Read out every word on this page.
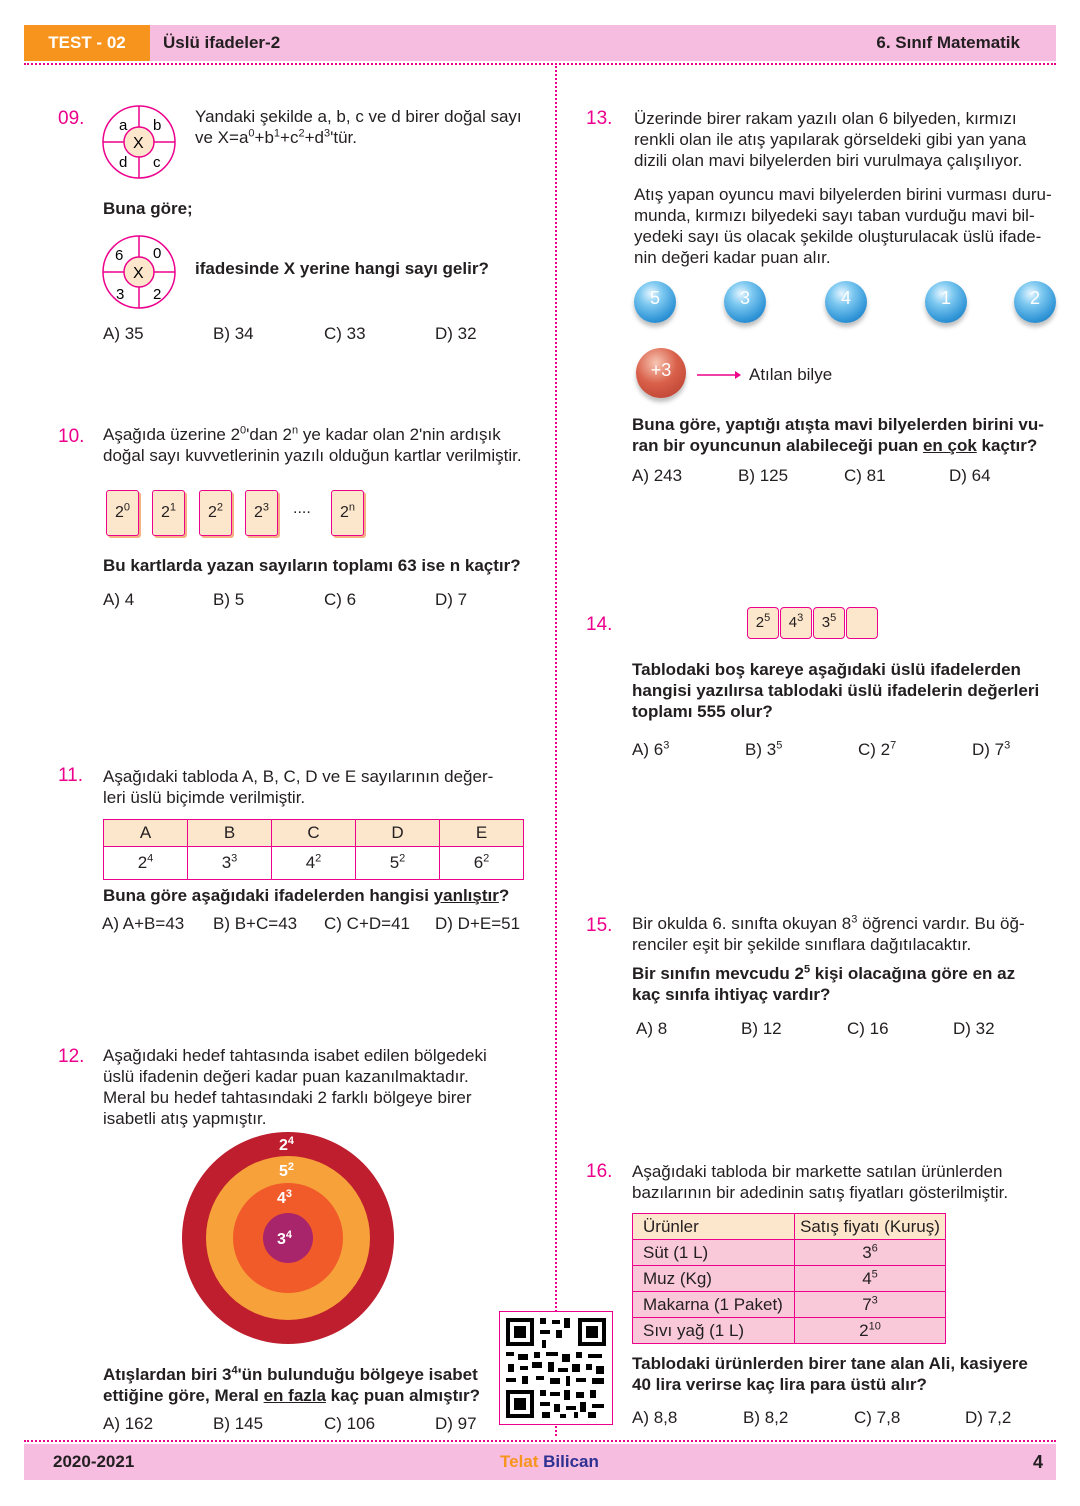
TEST - 02	Üslü ifadeler-2	6. Sınıf Matematik
09. a b
c
d
X
Yandaki şekilde a, b, c ve d birer doğal sayı
ve $X=a^0+b^1+c^2+d^3'tür$.
Buna göre;
6 0
2
3
X	ifadesinde X yerine hangi sayı gelir?
A) 35	B) 34	C) 33	D) 32
10. Aşağıda üzerine $2^0'dan$ 2$^n$ ye kadar olan 2'nin ardışık
doğal sayı kuvvetlerinin yazılı olduğun kartlar verilmiştir.
$2^0$	$2^1$	$2^2$	$2^3$	....	2$^n$
Bu kartlarda yazan sayıların toplamı 63 ise n kaçtır?
A) 4	B) 5	C) 6	D) 7
11. Aşağıdaki tabloda A, B, C, D ve E sayılarının değer-
leri üslü biçimde verilmiştir.
A	B	C	D	E
$2^4$	$3^3$	$4^2$	$5^2$	$6^2$
Buna göre aşağıdaki ifadelerden hangisi yanlıştır?
A) A+B=43 B) B+C=43 C) C+D=41 D) D+E=51
12. Aşağıdaki hedef tahtasında isabet edilen bölgedeki
üslü ifadenin değeri kadar puan kazanılmaktadır.
Meral bu hedef tahtasındaki 2 farklı bölgeye birer
isabetli atış yapmıştır.
$2^4$
$5^2$
$4^3$
$3^4$
Atışlardan biri $3^4'ün$ bulunduğu bölgeye isabet
ettiğine göre, Meral en fazla kaç puan almıştır?
A) 162	B) 145	C) 106	D) 97
13. Üzerinde birer rakam yazılı olan 6 bilyeden, kırmızı
renkli olan ile atış yapılarak görseldeki gibi yan yana
dizili olan mavi bilyelerden biri vurulmaya çalışılıyor.
Atış yapan oyuncu mavi bilyelerden birini vurması duru-
munda, kırmızı bilyedeki sayı taban vurduğu mavi bil-
yedeki sayı üs olacak şekilde oluşturulacak üslü ifade-
nin değeri kadar puan alır.
5	3	4	1	2
+3	Atılan bilye
Buna göre, yaptığı atışta mavi bilyelerden birini vu-
ran bir oyuncunun alabileceği puan en çok kaçtır?
A) 243	B) 125	C) 81	D) 64
14.	$2^5$	$4^3$	$3^5$
Tablodaki boş kareye aşağıdaki üslü ifadelerden
hangisi yazılırsa tablodaki üslü ifadelerin değerleri
toplamı 555 olur?
A) $6^3$	B) $3^5$	C) $2^7$	D) $7^3$
15. Bir okulda 6. sınıfta okuyan $8^3$ öğrenci vardır. Bu öğ-
renciler eşit bir şekilde sınıflara dağıtılacaktır.
Bir sınıfın mevcudu $2^5$ kişi olacağına göre en az
kaç sınıfa ihtiyaç vardır?
A) 8	B) 12	C) 16	D) 32
16. Aşağıdaki tabloda bir markette satılan ürünlerden
bazılarının bir adedinin satış fiyatları gösterilmiştir.
Ürünler	Satış fiyatı (Kuruş)
Süt (1 L)	$3^6$
Muz (Kg)	$4^5$
Makarna (1 Paket)	$7^3$
Sıvı yağ (1 L)	$2^{10}$
Tablodaki ürünlerden birer tane alan Ali, kasiyere
40 lira verirse kaç lira para üstü alır?
A) 8,8	B) 8,2	C) 7,8	D) 7,2
2020-2021	Telat Bilican	4
